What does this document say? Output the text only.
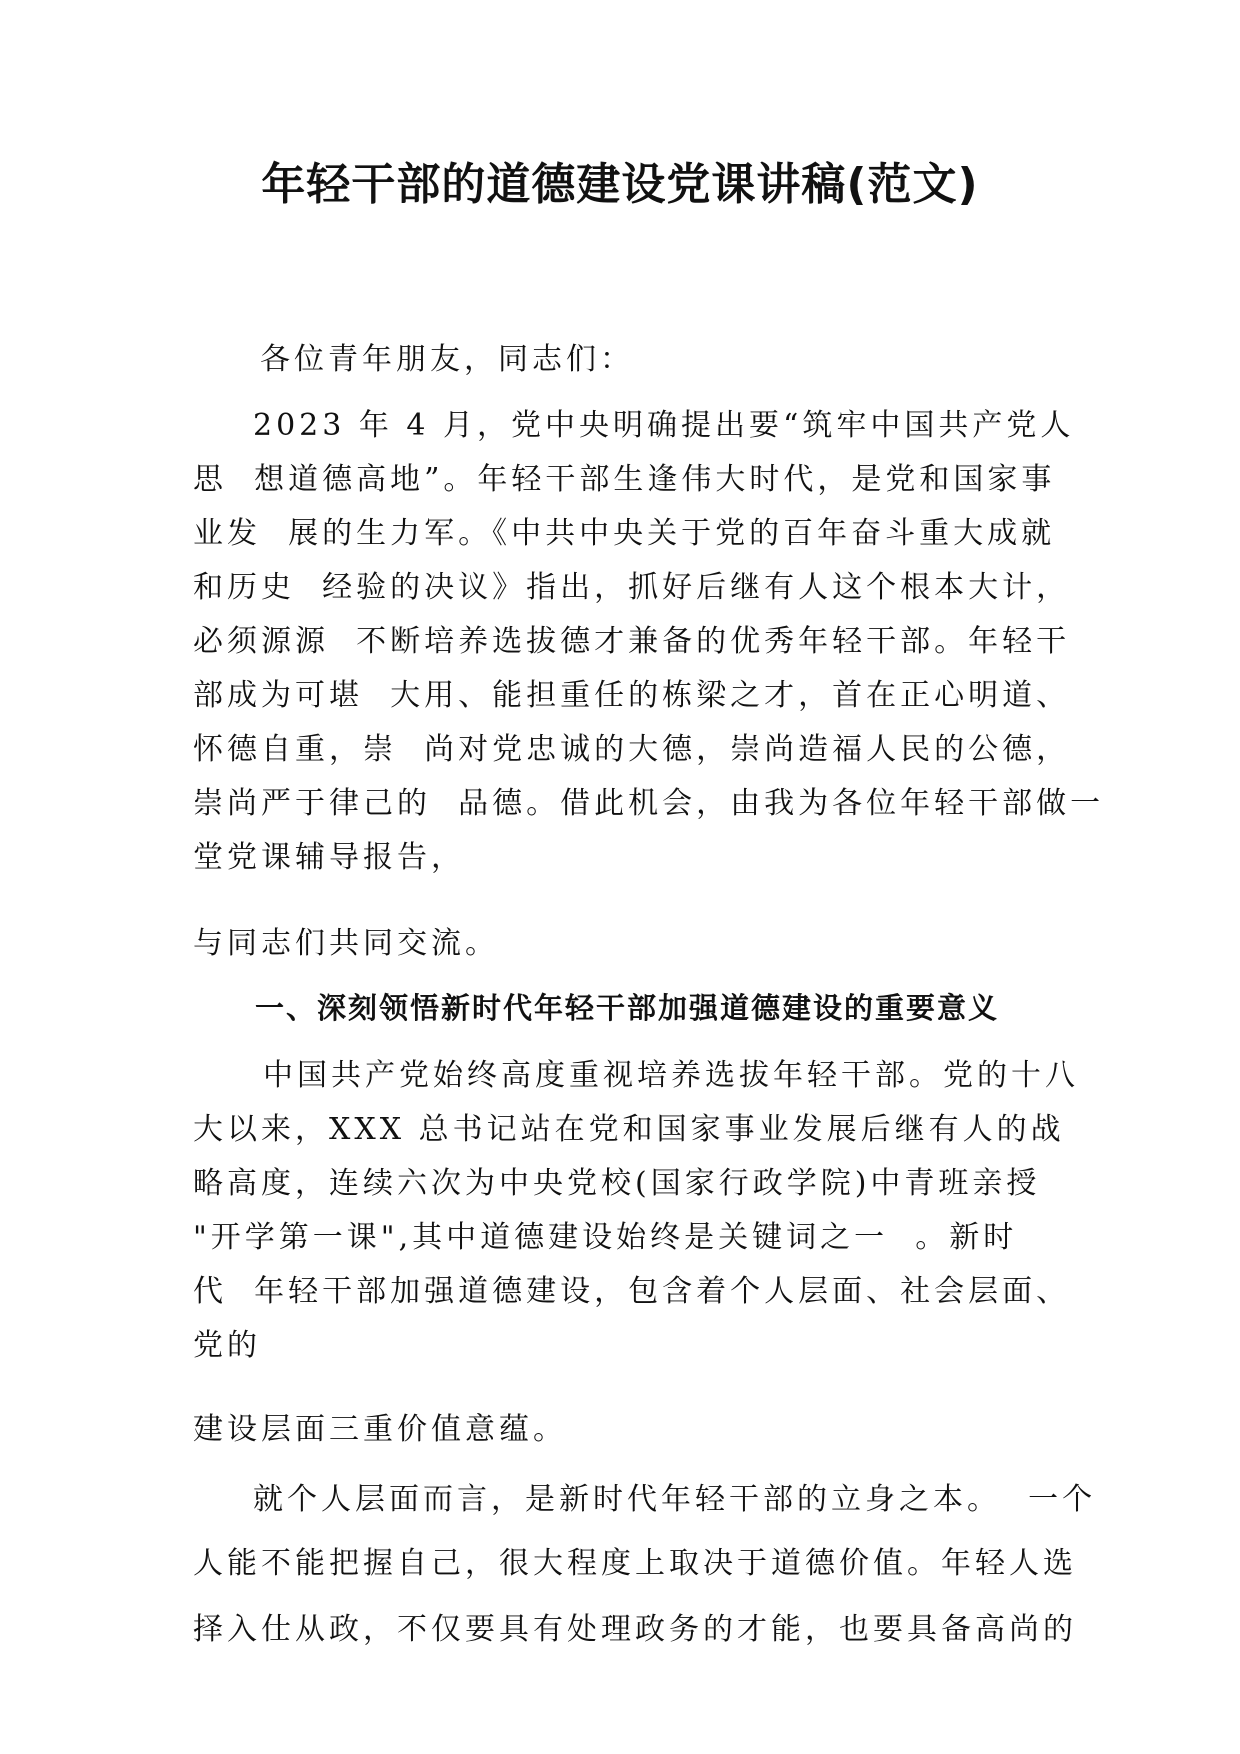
年轻干部的道德建设党课讲稿(范文)
各位青年朋友，同志们：
2023 年 4 月，党中央明确提出要“筑牢中国共产党人
思  想道德高地”。年轻干部生逢伟大时代，是党和国家事
业发  展的生力军。《中共中央关于党的百年奋斗重大成就
和历史  经验的决议》指出，抓好后继有人这个根本大计，
必须源源  不断培养选拔德才兼备的优秀年轻干部。年轻干
部成为可堪  大用、能担重任的栋梁之才，首在正心明道、
怀德自重，崇  尚对党忠诚的大德，崇尚造福人民的公德，
崇尚严于律己的  品德。借此机会，由我为各位年轻干部做一
堂党课辅导报告，
与同志们共同交流。
一、深刻领悟新时代年轻干部加强道德建设的重要意义
中国共产党始终高度重视培养选拔年轻干部。党的十八
大以来，XXX 总书记站在党和国家事业发展后继有人的战
略高度，连续六次为中央党校(国家行政学院)中青班亲授
"开学第一课",其中道德建设始终是关键词之一  。新时
代  年轻干部加强道德建设，包含着个人层面、社会层面、
党的
建设层面三重价值意蕴。
就个人层面而言，是新时代年轻干部的立身之本。  一个
人能不能把握自己，很大程度上取决于道德价值。年轻人选
择入仕从政，不仅要具有处理政务的才能，也要具备高尚的
